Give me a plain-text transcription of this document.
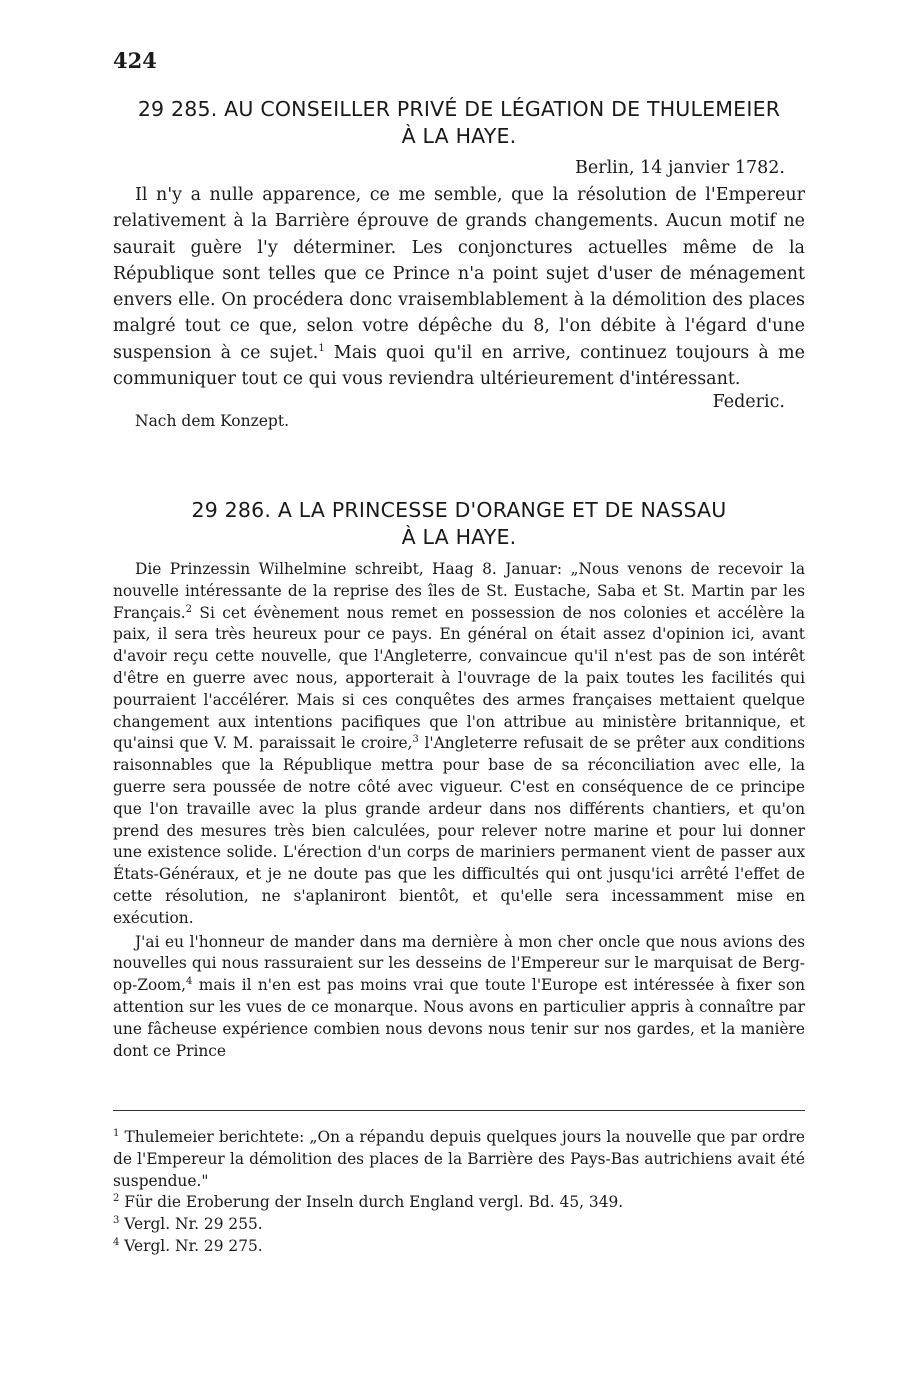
424
29 285. AU CONSEILLER PRIVÉ DE LÉGATION DE THULEMEIER
À LA HAYE.
Berlin, 14 janvier 1782.

Il n'y a nulle apparence, ce me semble, que la résolution de l'Empereur relativement à la Barrière éprouve de grands changements. Aucun motif ne saurait guère l'y déterminer. Les conjonctures actuelles même de la République sont telles que ce Prince n'a point sujet d'user de ménagement envers elle. On procédera donc vraisemblablement à la démolition des places malgré tout ce que, selon votre dépêche du 8, l'on débite à l'égard d'une suspension à ce sujet.$^1$ Mais quoi qu'il en arrive, continuez toujours à me communiquer tout ce qui vous reviendra ultérieurement d'intéressant.

Federic.
Nach dem Konzept.
29 286. A LA PRINCESSE D'ORANGE ET DE NASSAU
À LA HAYE.

Die Prinzessin Wilhelmine schreibt, Haag 8. Januar: „Nous venons de recevoir la nouvelle intéressante de la reprise des îles de St. Eustache, Saba et St. Martin par les Français.$^2$ Si cet évènement nous remet en possession de nos colonies et accélère la paix, il sera très heureux pour ce pays. En général on était assez d'opinion ici, avant d'avoir reçu cette nouvelle, que l'Angleterre, convaincue qu'il n'est pas de son intérêt d'être en guerre avec nous, apporterait à l'ouvrage de la paix toutes les facilités qui pourraient l'accélérer. Mais si ces conquêtes des armes françaises mettaient quelque changement aux intentions pacifiques que l'on attribue au ministère britannique, et qu'ainsi que V. M. paraissait le croire,$^3$ l'Angleterre refusait de se prêter aux conditions raisonnables que la République mettra pour base de sa réconciliation avec elle, la guerre sera poussée de notre côté avec vigueur. C'est en conséquence de ce principe que l'on travaille avec la plus grande ardeur dans nos différents chantiers, et qu'on prend des mesures très bien calculées, pour relever notre marine et pour lui donner une existence solide. L'érection d'un corps de mariniers permanent vient de passer aux États-Généraux, et je ne doute pas que les difficultés qui ont jusqu'ici arrêté l'effet de cette résolution, ne s'aplaniront bientôt, et qu'elle sera incessamment mise en exécution.

J'ai eu l'honneur de mander dans ma dernière à mon cher oncle que nous avions des nouvelles qui nous rassuraient sur les desseins de l'Empereur sur le marquisat de Berg-op-Zoom,$^4$ mais il n'en est pas moins vrai que toute l'Europe est intéressée à fixer son attention sur les vues de ce monarque. Nous avons en particulier appris à connaître par une fâcheuse expérience combien nous devons nous tenir sur nos gardes, et la manière dont ce Prince

$^1$ Thulemeier berichtete: „On a répandu depuis quelques jours la nouvelle que par ordre de l'Empereur la démolition des places de la Barrière des Pays-Bas autrichiens avait été suspendue."

$^2$ Für die Eroberung der Inseln durch England vergl. Bd. 45, 349.

$^3$ Vergl. Nr. 29 255.

$^4$ Vergl. Nr. 29 275.
